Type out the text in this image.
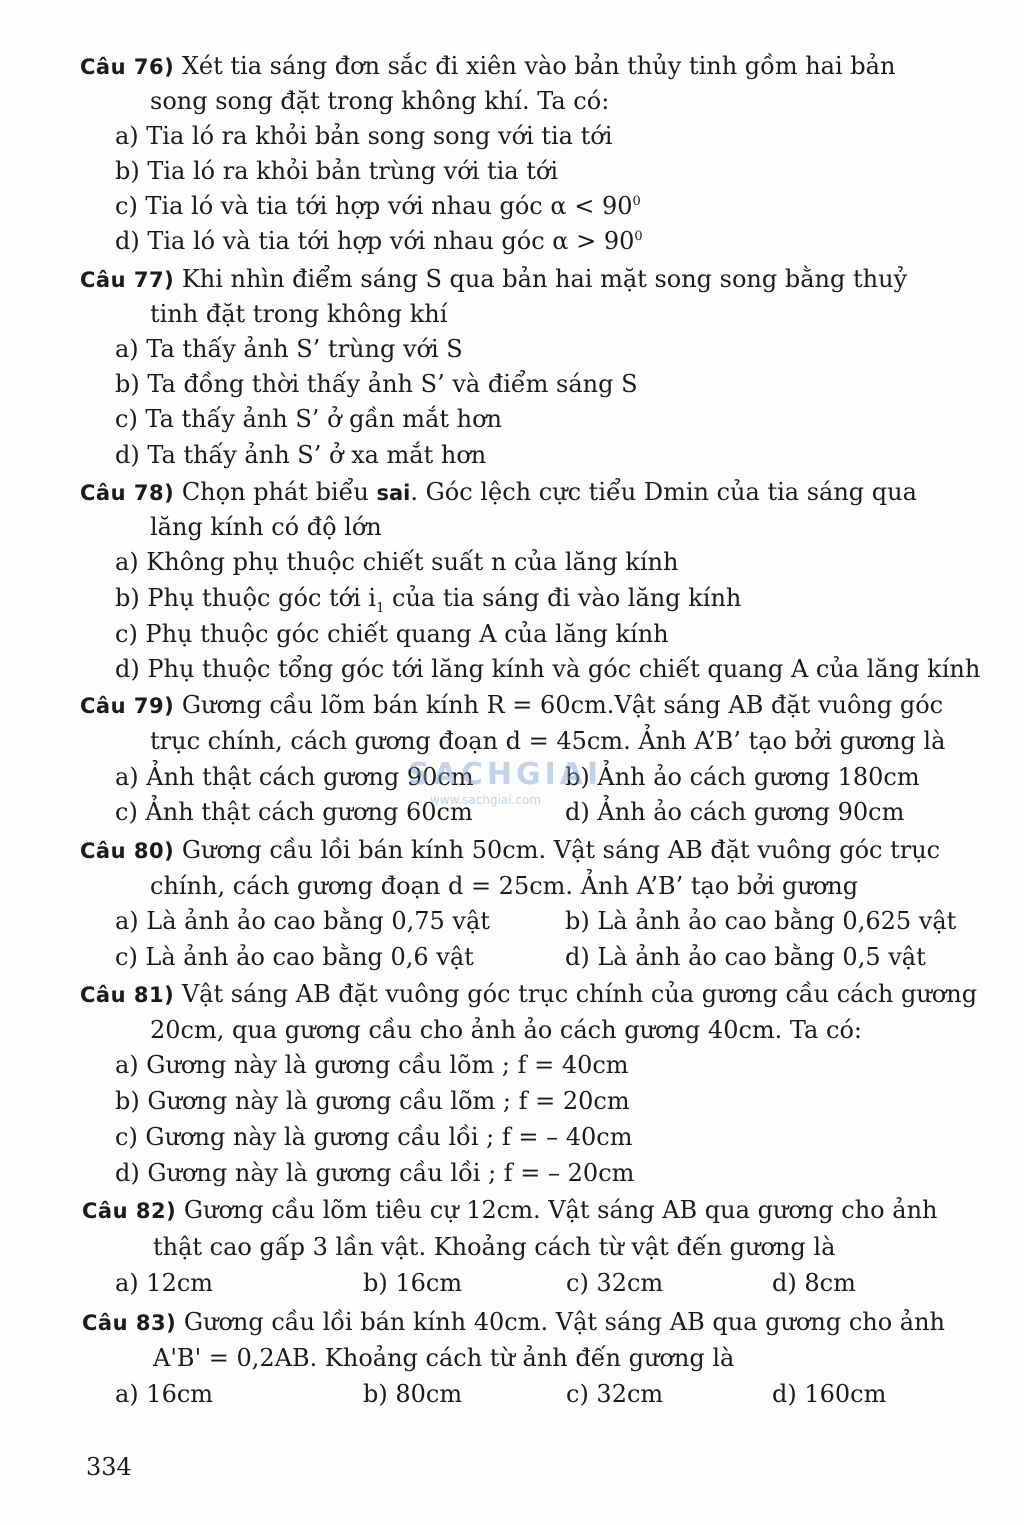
Câu 76) Xét tia sáng đơn sắc đi xiên vào bản thủy tinh gồm hai bản
song song đặt trong không khí. Ta có:
a) Tia ló ra khỏi bản song song với tia tới
b) Tia ló ra khỏi bản trùng với tia tới
c) Tia ló và tia tới hợp với nhau góc $\alpha < 90^0$
d) Tia ló và tia tới hợp với nhau góc $\alpha > 90^0$
Câu 77) Khi nhìn điểm sáng S qua bản hai mặt song song bằng thuỷ
tinh đặt trong không khí
a) Ta thấy ảnh S’ trùng với S
b) Ta đồng thời thấy ảnh S’ và điểm sáng S
c) Ta thấy ảnh S’ ở gần mắt hơn
d) Ta thấy ảnh S’ ở xa mắt hơn
Câu 78) Chọn phát biểu sai. Góc lệch cực tiểu Dmin của tia sáng qua
lăng kính có độ lớn
a) Không phụ thuộc chiết suất n của lăng kính
b) Phụ thuộc góc tới $i_1$ của tia sáng đi vào lăng kính
c) Phụ thuộc góc chiết quang A của lăng kính
d) Phụ thuộc tổng góc tới lăng kính và góc chiết quang A của lăng kính
Câu 79) Gương cầu lõm bán kính R = 60cm.Vật sáng AB đặt vuông góc
trục chính, cách gương đoạn d = 45cm. Ảnh A’B’ tạo bởi gương là
a) Ảnh thật cách gương 90cm	b) Ảnh ảo cách gương 180cm
c) Ảnh thật cách gương 60cm	d) Ảnh ảo cách gương 90cm
Câu 80) Gương cầu lồi bán kính 50cm. Vật sáng AB đặt vuông góc trục
chính, cách gương đoạn d = 25cm. Ảnh A’B’ tạo bởi gương
a) Là ảnh ảo cao bằng 0,75 vật	b) Là ảnh ảo cao bằng 0,625 vật
c) Là ảnh ảo cao bằng 0,6 vật	d) Là ảnh ảo cao bằng 0,5 vật
Câu 81) Vật sáng AB đặt vuông góc trục chính của gương cầu cách gương
20cm, qua gương cầu cho ảnh ảo cách gương 40cm. Ta có:
a) Gương này là gương cầu lõm ; f = 40cm
b) Gương này là gương cầu lõm ; f = 20cm
c) Gương này là gương cầu lồi ; f = – 40cm
d) Gương này là gương cầu lồi ; f = – 20cm
Câu 82) Gương cầu lõm tiêu cự 12cm. Vật sáng AB qua gương cho ảnh
thật cao gấp 3 lần vật. Khoảng cách từ vật đến gương là
a) 12cm	b) 16cm	c) 32cm	d) 8cm
Câu 83) Gương cầu lồi bán kính 40cm. Vật sáng AB qua gương cho ảnh
A'B' = 0,2AB. Khoảng cách từ ảnh đến gương là
a) 16cm	b) 80cm	c) 32cm	d) 160cm
SACHGIAI
www.sachgiai.com
334
